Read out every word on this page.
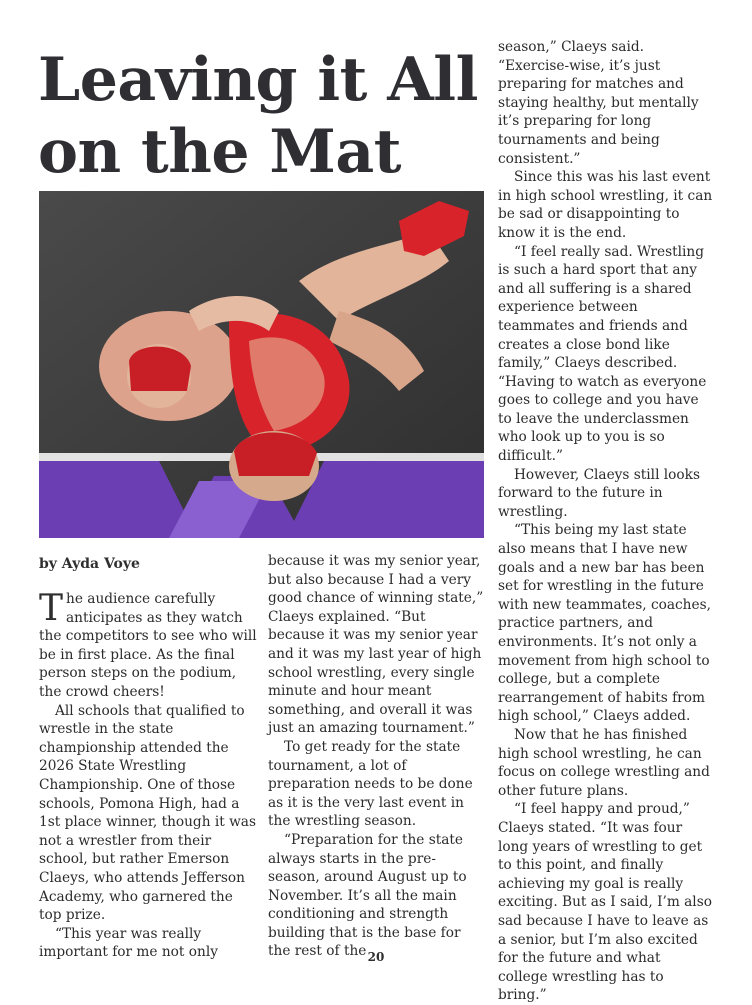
Leaving it All on the Mat
by Ayda Voye

The audience carefully anticipates as they watch the competitors to see who will be in first place. As the final person steps on the podium, the crowd cheers!

All schools that qualified to wrestle in the state championship attended the 2026 State Wrestling Championship. One of those schools, Pomona High, had a 1st place winner, though it was not a wrestler from their school, but rather Emerson Claeys, who attends Jefferson Academy, who garnered the top prize.

“This year was really important for me not only

because it was my senior year, but also because I had a very good chance of winning state,” Claeys explained. “But because it was my senior year and it was my last year of high school wrestling, every single minute and hour meant something, and overall it was just an amazing tournament.”

To get ready for the state tournament, a lot of preparation needs to be done as it is the very last event in the wrestling season.

“Preparation for the state always starts in the pre-season, around August up to November. It’s all the main conditioning and strength building that is the base for the rest of the

season,” Claeys said. “Exercise-wise, it’s just preparing for matches and staying healthy, but mentally it’s preparing for long tournaments and being consistent.”

Since this was his last event in high school wrestling, it can be sad or disappointing to know it is the end.

“I feel really sad. Wrestling is such a hard sport that any and all suffering is a shared experience between teammates and friends and creates a close bond like family,” Claeys described. “Having to watch as everyone goes to college and you have to leave the underclassmen who look up to you is so difficult.”

However, Claeys still looks forward to the future in wrestling.

“This being my last state also means that I have new goals and a new bar has been set for wrestling in the future with new teammates, coaches, practice partners, and environments. It’s not only a movement from high school to college, but a complete rearrangement of habits from high school,” Claeys added.

Now that he has finished high school wrestling, he can focus on college wrestling and other future plans.

“I feel happy and proud,” Claeys stated. “It was four long years of wrestling to get to this point, and finally achieving my goal is really exciting. But as I said, I’m also sad because I have to leave as a senior, but I’m also excited for the future and what college wrestling has to bring.”

20
